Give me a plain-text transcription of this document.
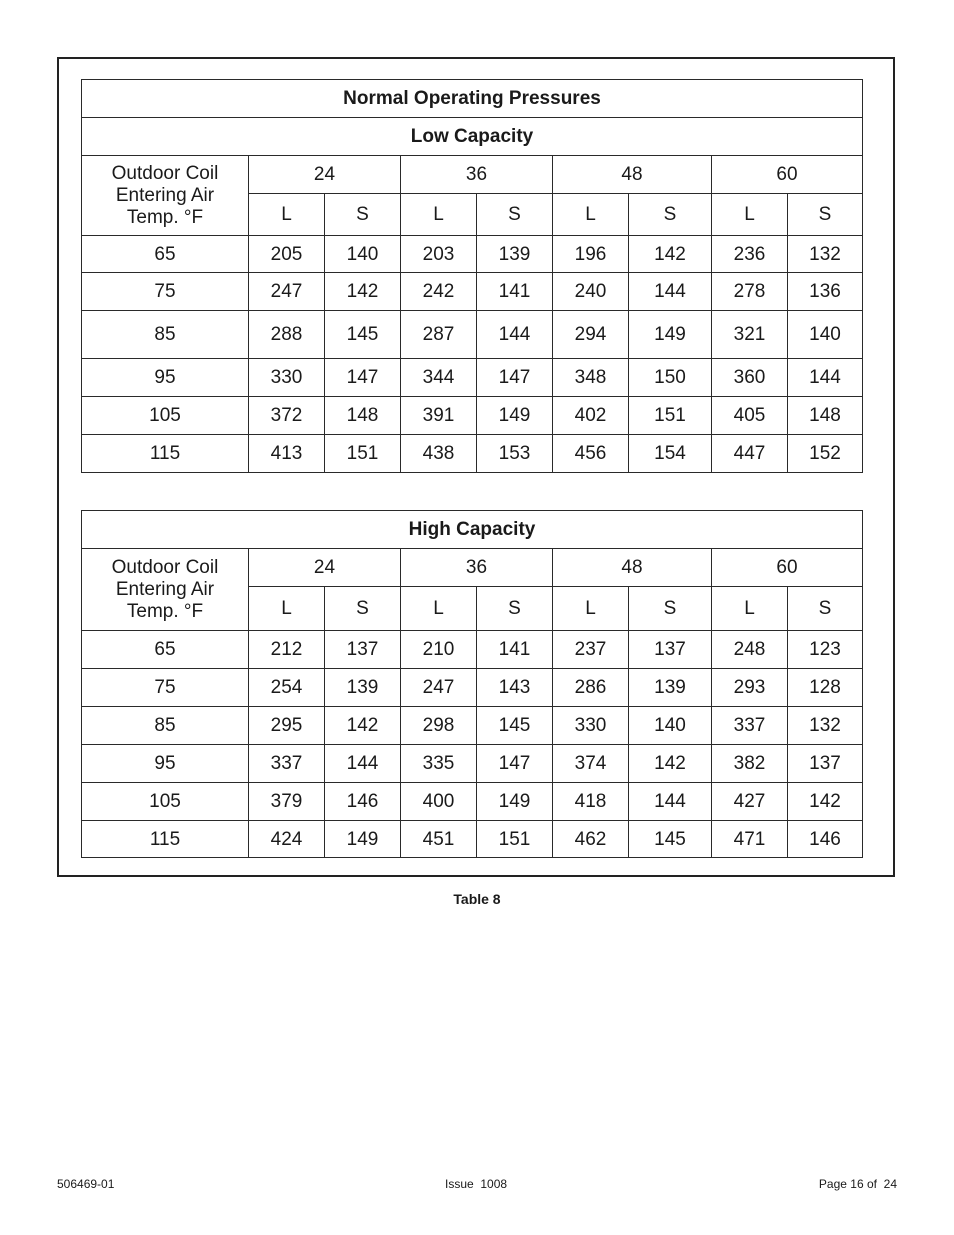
Normal Operating Pressures								
Low Capacity								

Outdoor Coil
Entering Air
Temp. °F	24		36		48		60	
	L	S	L	S	L	S	L	S
65	205	140	203	139	196	142	236	132
75	247	142	242	141	240	144	278	136
85	288	145	287	144	294	149	321	140
95	330	147	344	147	348	150	360	144
105	372	148	391	149	402	151	405	148
115	413	151	438	153	456	154	447	152
High Capacity								

Outdoor Coil
Entering Air
Temp. °F	24		36		48		60	
	L	S	L	S	L	S	L	S
65	212	137	210	141	237	137	248	123
75	254	139	247	143	286	139	293	128
85	295	142	298	145	330	140	337	132
95	337	144	335	147	374	142	382	137
105	379	146	400	149	418	144	427	142
115	424	149	451	151	462	145	471	146
Table 8
506469-01	Issue  1008	Page 16 of  24
